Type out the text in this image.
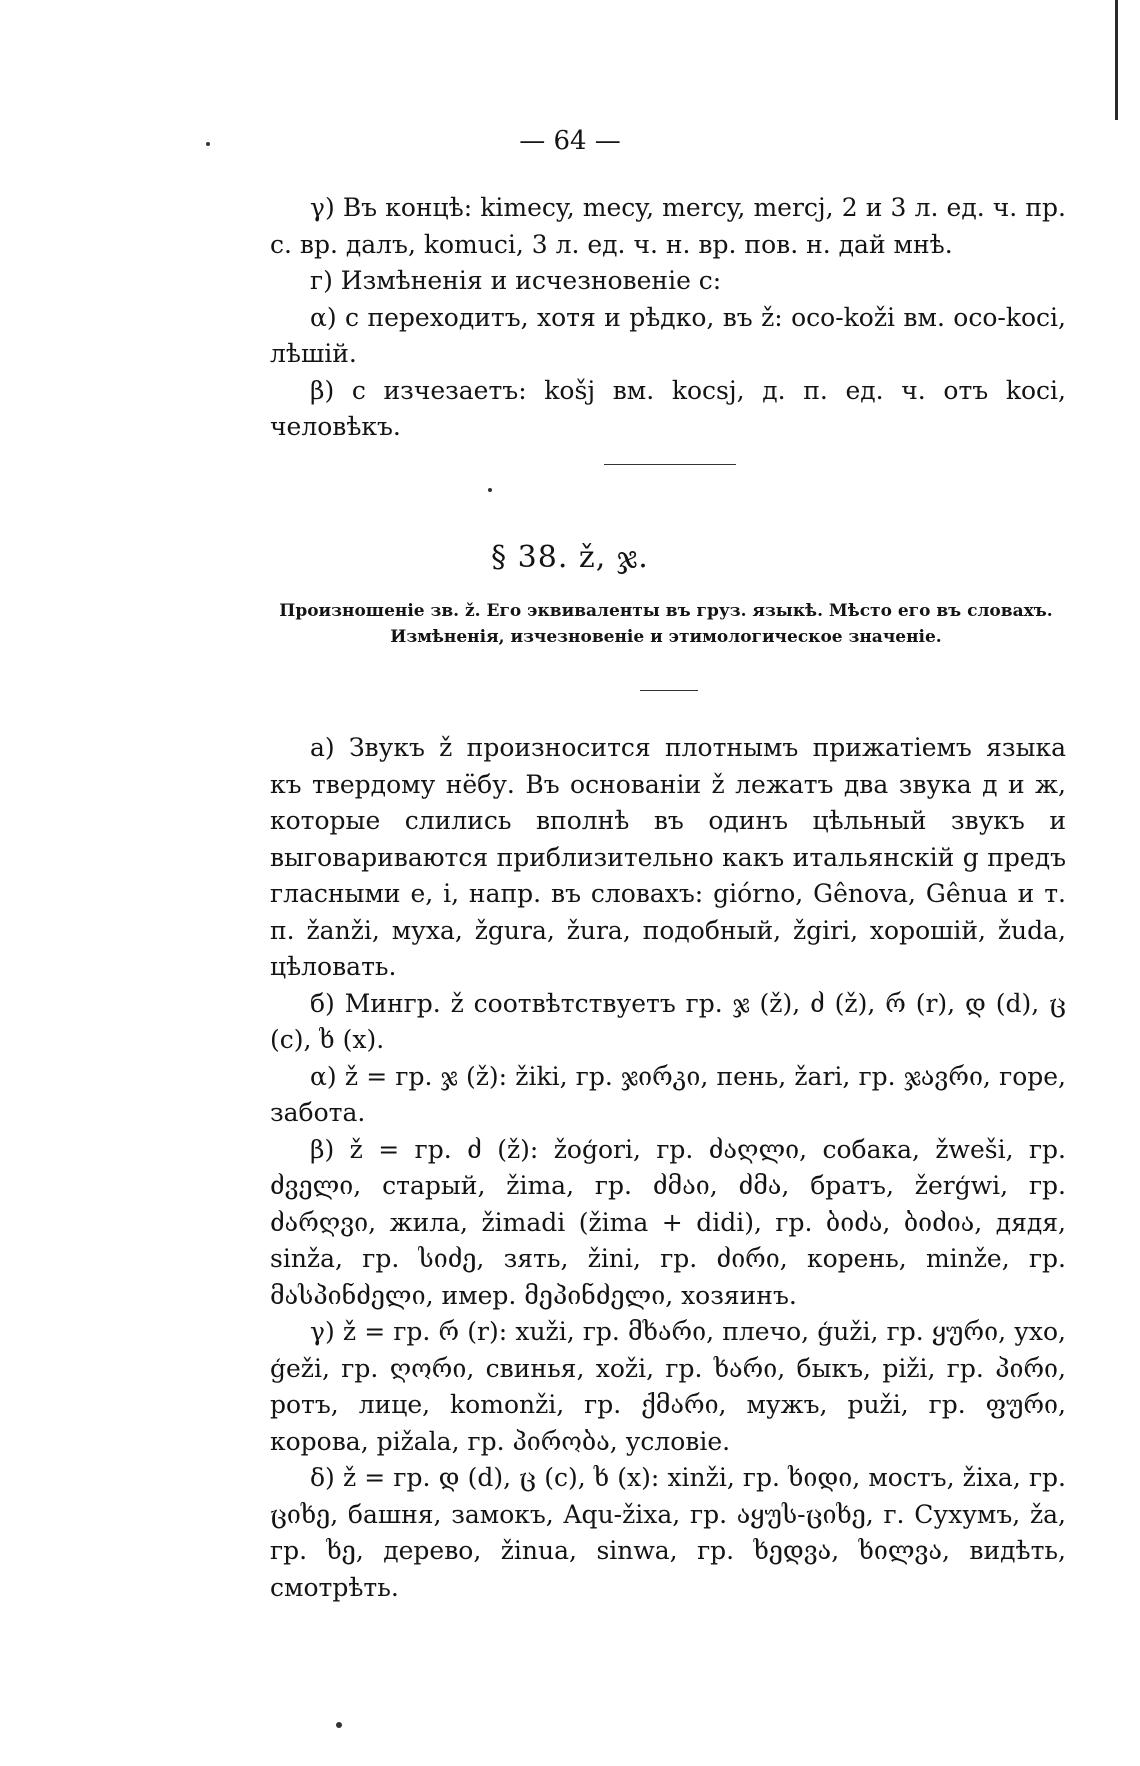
— 64 —

γ) Въ концѣ: kimecy, mecy, mercy, mercj, 2 и 3 л. ед. ч. пр. с. вр. далъ, komuci, 3 л. ед. ч. н. вр. пов. н. дай мнѣ.

г) Измѣненія и исчезновеніе c:

α) c переходитъ, хотя и рѣдко, въ ž: oco-koži вм. oco-koci, лѣшій.

β) c изчезаетъ: košj вм. kocsj, д. п. ед. ч. отъ koci, человѣкъ.

§ 38. ž, ჯ.
Произношеніе зв. ž. Его эквиваленты въ груз. языкѣ. Мѣсто его въ словахъ.
Измѣненія, изчезновеніе и этимологическое значеніе.

а) Звукъ ž произносится плотнымъ прижатіемъ языка къ твердому нёбу. Въ основаніи ž лежатъ два звука д и ж, которые слились вполнѣ въ одинъ цѣльный звукъ и выговариваются приблизительно какъ итальянскій g предъ гласными e, i, напр. въ словахъ: giórno, Gênova, Gênua и т. п. žanži, муха, žgura, žura, подобный, žgiri, хорошій, žuda, цѣловать.

б) Мингр. ž соотвѣтствуетъ гр. ჯ (ž), ძ (ž), რ (r), დ (d), ც (c), ხ (x).

α) ž = гр. ჯ (ž): žiki, гр. ჯირკი, пень, žari, гр. ჯავრი, горе, забота.

β) ž = гр. ძ (ž): žoģori, гр. ძაღლი, собака, žweši, гр. ძველი, старый, žima, гр. ძმაი, ძმა, братъ, žerģwi, гр. ძარღვი, жила, žimadi (žima + didi), гр. ბიძა, ბიძია, дядя, sinža, гр. სიძე, зять, žini, гр. ძირი, корень, minže, гр. მასპინძელი, имер. მეპინძელი, хозяинъ.

γ) ž = гр. რ (r): xuži, гр. მხარი, плечо, ģuži, гр. ყური, ухо, ģeži, гр. ღორი, свинья, xoži, гр. ხარი, быкъ, piži, гр. პირი, ротъ, лице, komonži, гр. ქმარი, мужъ, puži, гр. ფური, корова, pižala, гр. პირობა, условіе.

δ) ž = гр. დ (d), ც (c), ხ (x): xinži, гр. ხიდი, мостъ, žixa, гр. ციხე, башня, замокъ, Aqu-žixa, гр. აყუს-ციხე, г. Сухумъ, ža, гр. ხე, дерево, žinua, sinwa, гр. ხედვა, ხილვა, видѣть, смотрѣть.
